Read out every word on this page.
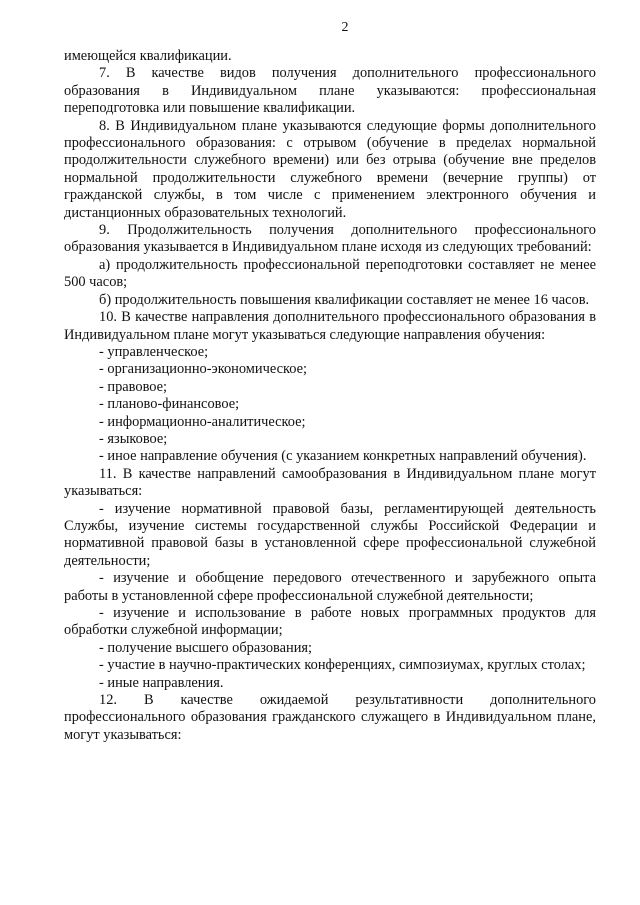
2

имеющейся квалификации.

7. В качестве видов получения дополнительного профессионального образования в Индивидуальном плане указываются: профессиональная переподготовка или повышение квалификации.

8. В Индивидуальном плане указываются следующие формы дополнительного профессионального образования: с отрывом (обучение в пределах нормальной продолжительности служебного времени) или без отрыва (обучение вне пределов нормальной продолжительности служебного времени (вечерние группы) от гражданской службы, в том числе с применением электронного обучения и дистанционных образовательных технологий.

9. Продолжительность получения дополнительного профессионального образования указывается в Индивидуальном плане исходя из следующих требований:

а) продолжительность профессиональной переподготовки составляет не менее 500 часов;

б) продолжительность повышения квалификации составляет не менее 16 часов.

10. В качестве направления дополнительного профессионального образования в Индивидуальном плане могут указываться следующие направления обучения:

- управленческое;

- организационно-экономическое;

- правовое;

- планово-финансовое;

- информационно-аналитическое;

- языковое;

- иное направление обучения (с указанием конкретных направлений обучения).

11. В качестве направлений самообразования в Индивидуальном плане могут указываться:

- изучение нормативной правовой базы, регламентирующей деятельность Службы, изучение системы государственной службы Российской Федерации и нормативной правовой базы в установленной сфере профессиональной служебной деятельности;

- изучение и обобщение передового отечественного и зарубежного опыта работы в установленной сфере профессиональной служебной деятельности;

- изучение и использование в работе новых программных продуктов для обработки служебной информации;

- получение высшего образования;

- участие в научно-практических конференциях, симпозиумах, круглых столах;

- иные направления.

12. В качестве ожидаемой результативности дополнительного профессионального образования гражданского служащего в Индивидуальном плане, могут указываться:
